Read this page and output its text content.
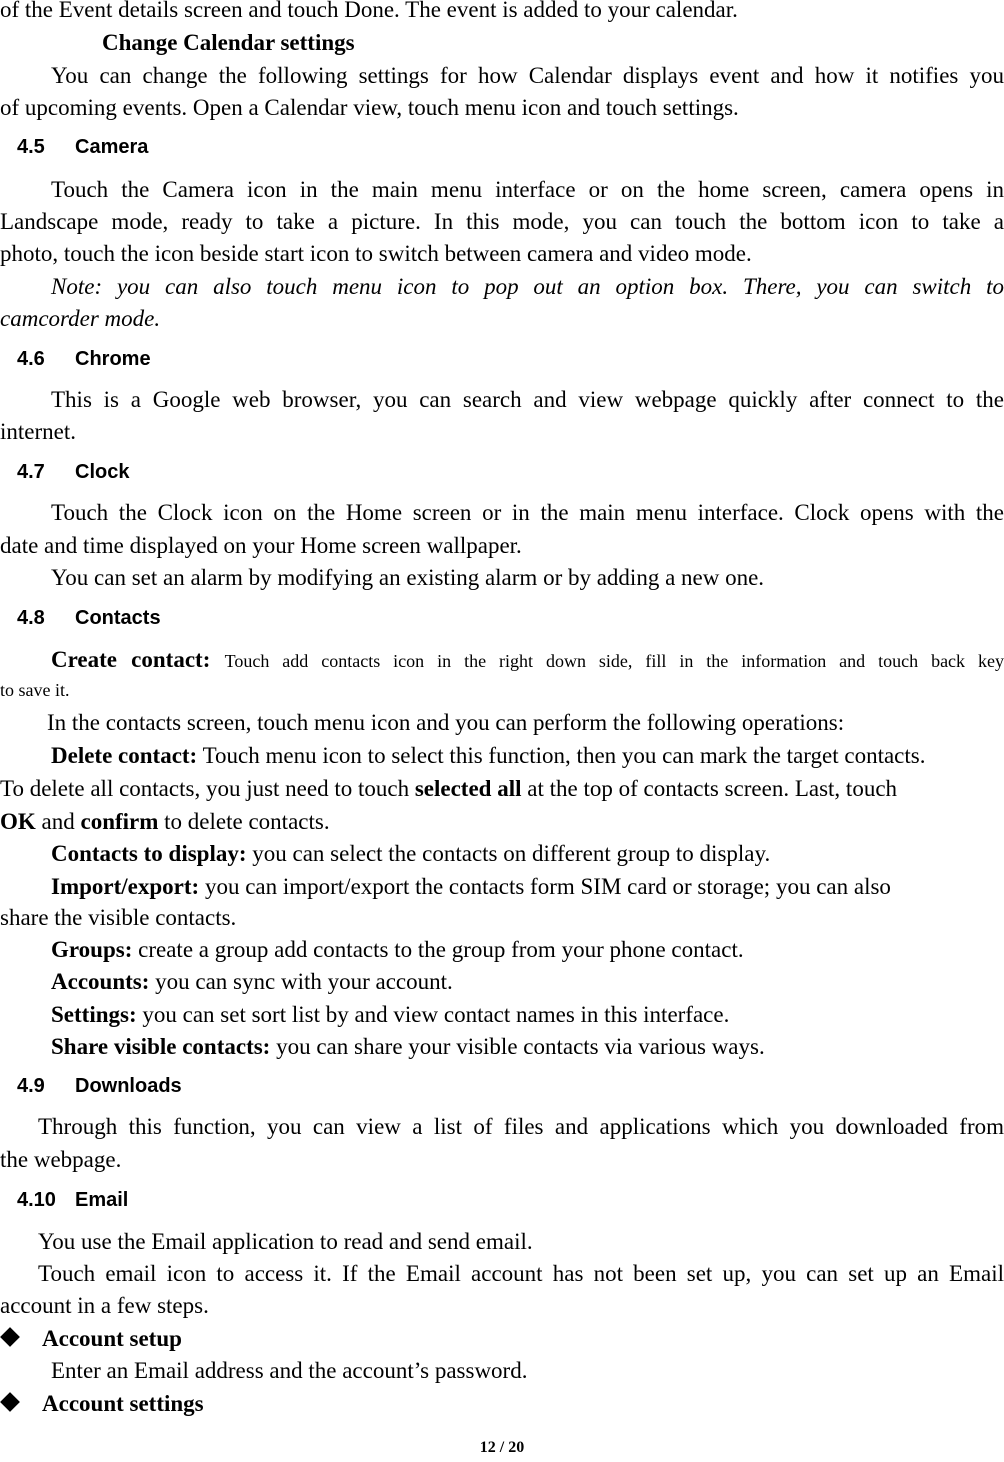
of the Event details screen and touch Done. The event is added to your calendar.
Change Calendar settings
You can change the following settings for how Calendar displays event and how it notifies you
of upcoming events. Open a Calendar view, touch menu icon and touch settings.
4.5 Camera
Touch the Camera icon in the main menu interface or on the home screen, camera opens in
Landscape mode, ready to take a picture. In this mode, you can touch the bottom icon to take a
photo, touch the icon beside start icon to switch between camera and video mode.
Note: you can also touch menu icon to pop out an option box. There, you can switch to
camcorder mode.
4.6 Chrome
This is a Google web browser, you can search and view webpage quickly after connect to the
internet.
4.7 Clock
Touch the Clock icon on the Home screen or in the main menu interface. Clock opens with the
date and time displayed on your Home screen wallpaper.
You can set an alarm by modifying an existing alarm or by adding a new one.
4.8 Contacts
Create contact: Touch add contacts icon in the right down side, fill in the information and touch back key
to save it.
In the contacts screen, touch menu icon and you can perform the following operations:
Delete contact: Touch menu icon to select this function, then you can mark the target contacts.
To delete all contacts, you just need to touch selected all at the top of contacts screen. Last, touch
OK and confirm to delete contacts.
Contacts to display: you can select the contacts on different group to display.
Import/export: you can import/export the contacts form SIM card or storage; you can also
share the visible contacts.
Groups: create a group add contacts to the group from your phone contact.
Accounts: you can sync with your account.
Settings: you can set sort list by and view contact names in this interface.
Share visible contacts: you can share your visible contacts via various ways.
4.9 Downloads
Through this function, you can view a list of files and applications which you downloaded from
the webpage.
4.10 Email
You use the Email application to read and send email.
Touch email icon to access it. If the Email account has not been set up, you can set up an Email
account in a few steps.
Account setup
Enter an Email address and the account’s password.
Account settings
12 / 20
